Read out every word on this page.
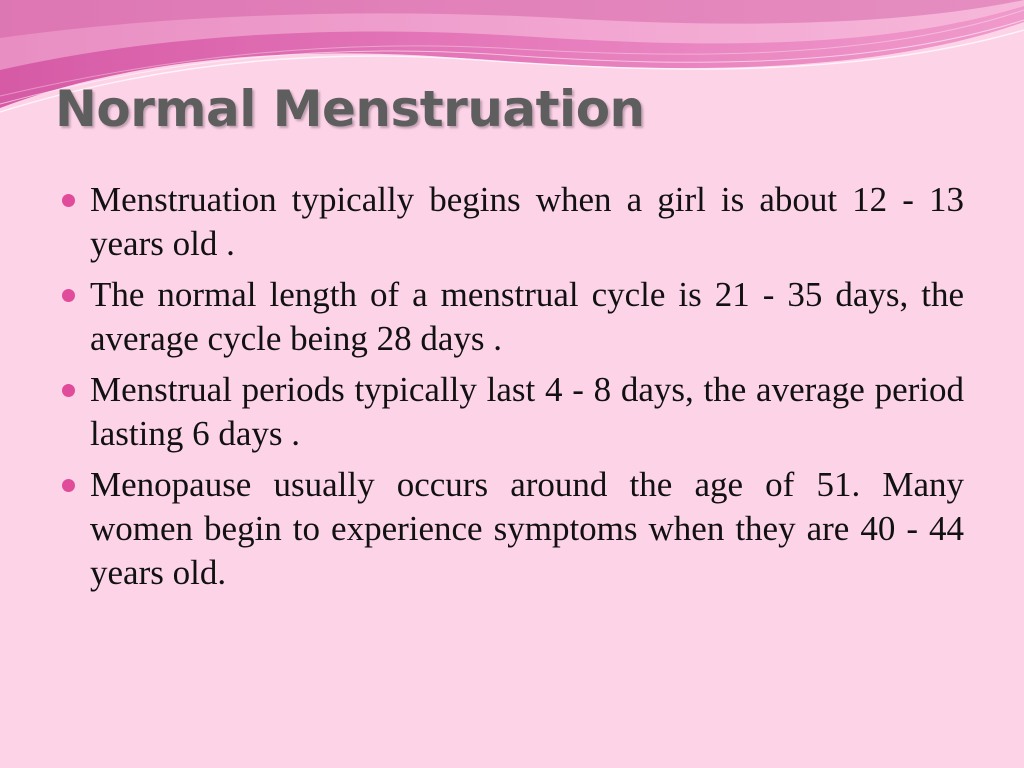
Normal Menstruation
Menstruation typically begins when a girl is about 12 - 13 years old .
The normal length of a menstrual cycle is 21 - 35 days, the average cycle being 28 days .
Menstrual periods typically last 4 - 8 days, the average period lasting 6 days .
Menopause usually occurs around the age of 51. Many women begin to experience symptoms when they are 40 - 44 years old.
